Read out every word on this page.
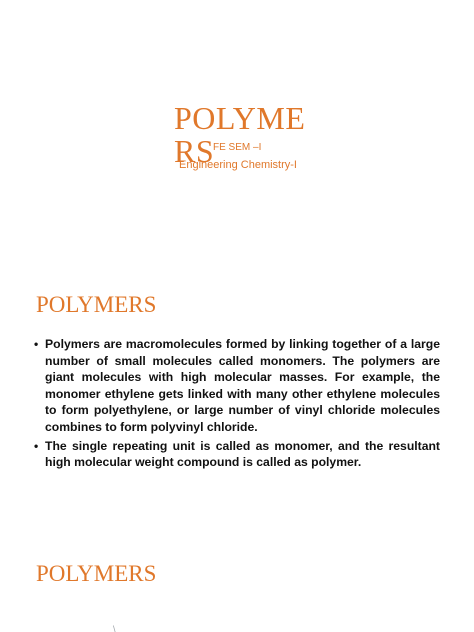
POLYME
RS
FE SEM –I
Engineering Chemistry-I
POLYMERS
• Polymers are macromolecules formed by linking together of a large number of small molecules called monomers. The polymers are giant molecules with high molecular masses. For example, the monomer ethylene gets linked with many other ethylene molecules to form polyethylene, or large number of vinyl chloride molecules combines to form polyvinyl chloride.
• The single repeating unit is called as monomer, and the resultant high molecular weight compound is called as polymer.
POLYMERS
\
